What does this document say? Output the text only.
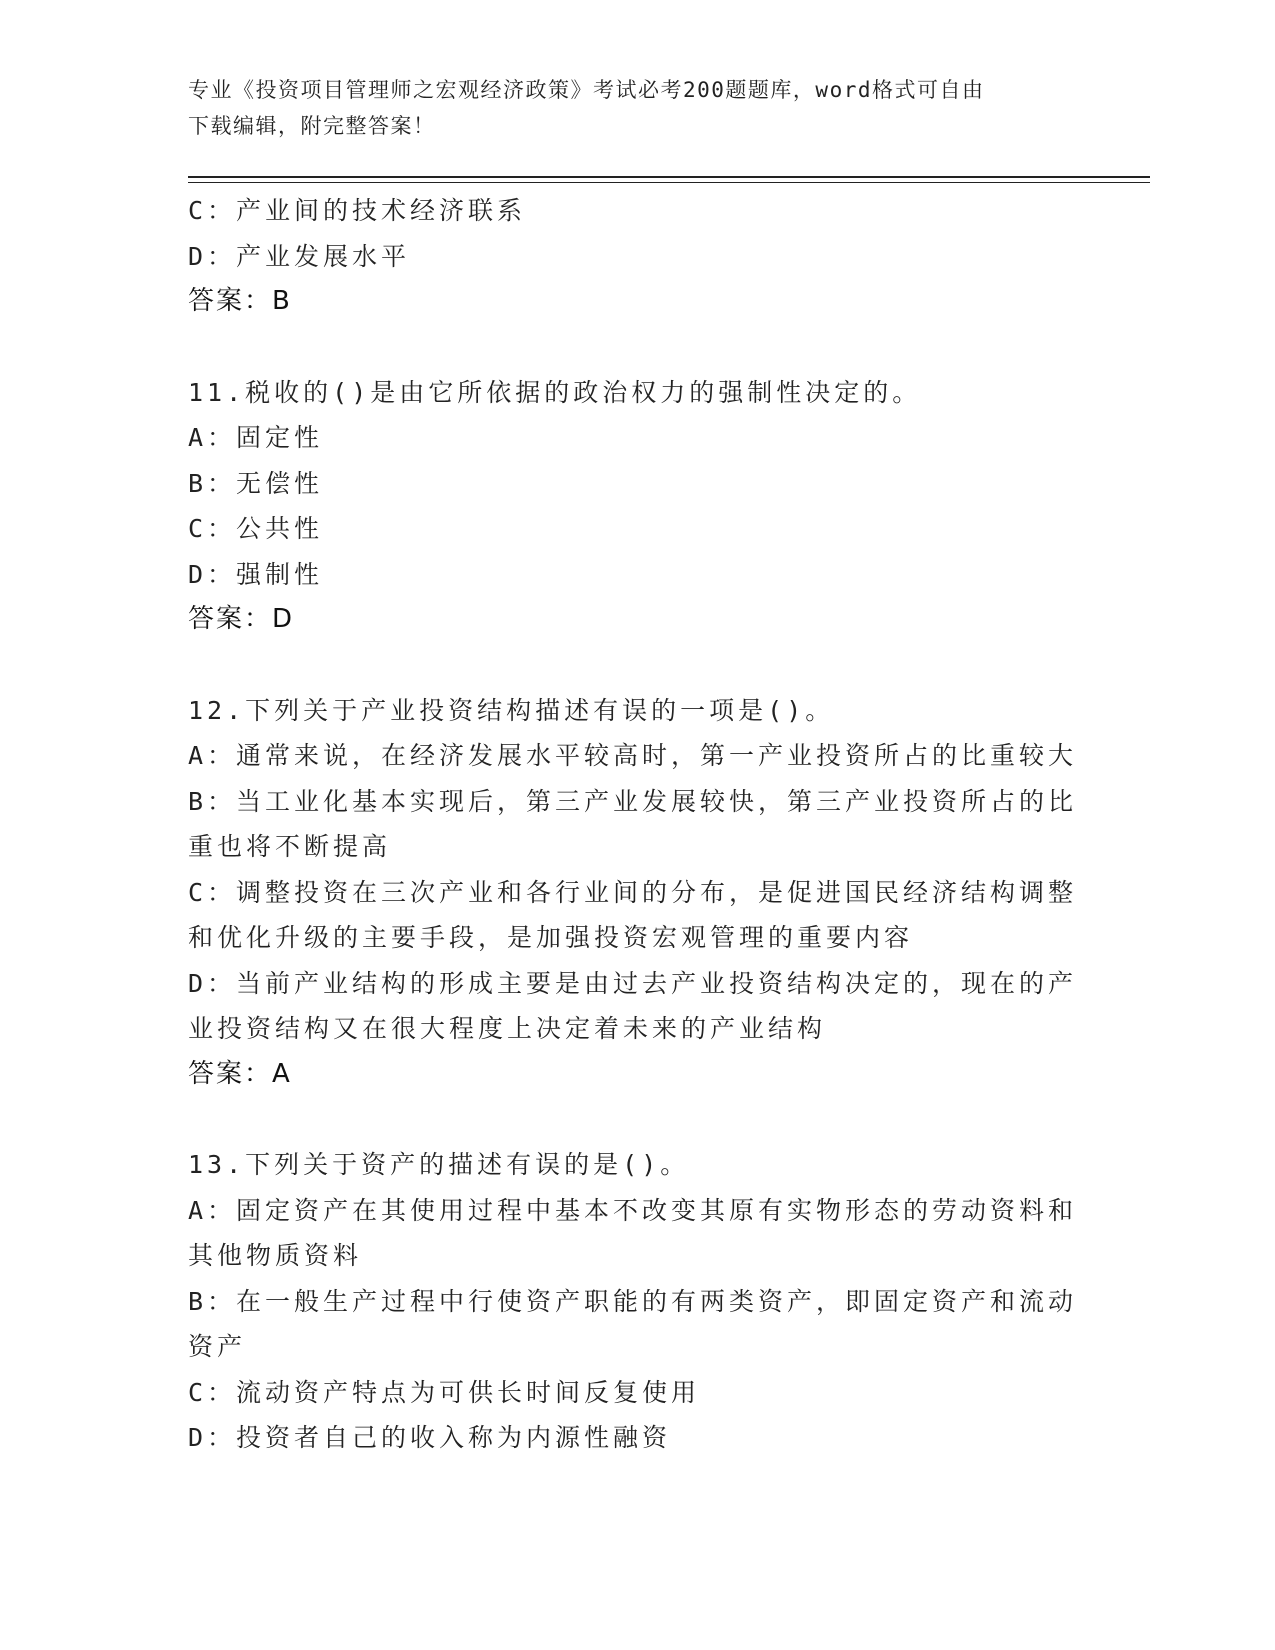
专业《投资项目管理师之宏观经济政策》考试必考200题题库，word格式可自由
下载编辑，附完整答案！
C：产业间的技术经济联系
D：产业发展水平
答案：B
11.税收的()是由它所依据的政治权力的强制性决定的。
A：固定性
B：无偿性
C：公共性
D：强制性
答案：D
12.下列关于产业投资结构描述有误的一项是()。
A：通常来说，在经济发展水平较高时，第一产业投资所占的比重较大
B：当工业化基本实现后，第三产业发展较快，第三产业投资所占的比
重也将不断提高
C：调整投资在三次产业和各行业间的分布，是促进国民经济结构调整
和优化升级的主要手段，是加强投资宏观管理的重要内容
D：当前产业结构的形成主要是由过去产业投资结构决定的，现在的产
业投资结构又在很大程度上决定着未来的产业结构
答案：A
13.下列关于资产的描述有误的是()。
A：固定资产在其使用过程中基本不改变其原有实物形态的劳动资料和
其他物质资料
B：在一般生产过程中行使资产职能的有两类资产，即固定资产和流动
资产
C：流动资产特点为可供长时间反复使用
D：投资者自己的收入称为内源性融资
